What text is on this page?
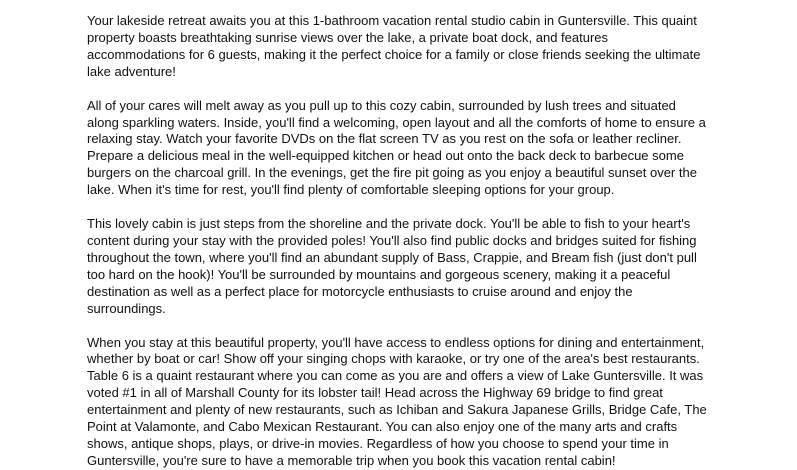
Your lakeside retreat awaits you at this 1-bathroom vacation rental studio cabin in Guntersville. This quaint property boasts breathtaking sunrise views over the lake, a private boat dock, and features accommodations for 6 guests, making it the perfect choice for a family or close friends seeking the ultimate lake adventure!

All of your cares will melt away as you pull up to this cozy cabin, surrounded by lush trees and situated along sparkling waters. Inside, you'll find a welcoming, open layout and all the comforts of home to ensure a relaxing stay. Watch your favorite DVDs on the flat screen TV as you rest on the sofa or leather recliner. Prepare a delicious meal in the well-equipped kitchen or head out onto the back deck to barbecue some burgers on the charcoal grill. In the evenings, get the fire pit going as you enjoy a beautiful sunset over the lake. When it's time for rest, you'll find plenty of comfortable sleeping options for your group.

This lovely cabin is just steps from the shoreline and the private dock. You'll be able to fish to your heart's content during your stay with the provided poles! You'll also find public docks and bridges suited for fishing throughout the town, where you'll find an abundant supply of Bass, Crappie, and Bream fish (just don't pull too hard on the hook)! You'll be surrounded by mountains and gorgeous scenery, making it a peaceful destination as well as a perfect place for motorcycle enthusiasts to cruise around and enjoy the surroundings.

When you stay at this beautiful property, you'll have access to endless options for dining and entertainment, whether by boat or car! Show off your singing chops with karaoke, or try one of the area's best restaurants. Table 6 is a quaint restaurant where you can come as you are and offers a view of Lake Guntersville. It was voted #1 in all of Marshall County for its lobster tail! Head across the Highway 69 bridge to find great entertainment and plenty of new restaurants, such as Ichiban and Sakura Japanese Grills, Bridge Cafe, The Point at Valamonte, and Cabo Mexican Restaurant. You can also enjoy one of the many arts and crafts shows, antique shops, plays, or drive-in movies. Regardless of how you choose to spend your time in Guntersville, you're sure to have a memorable trip when you book this vacation rental cabin!
